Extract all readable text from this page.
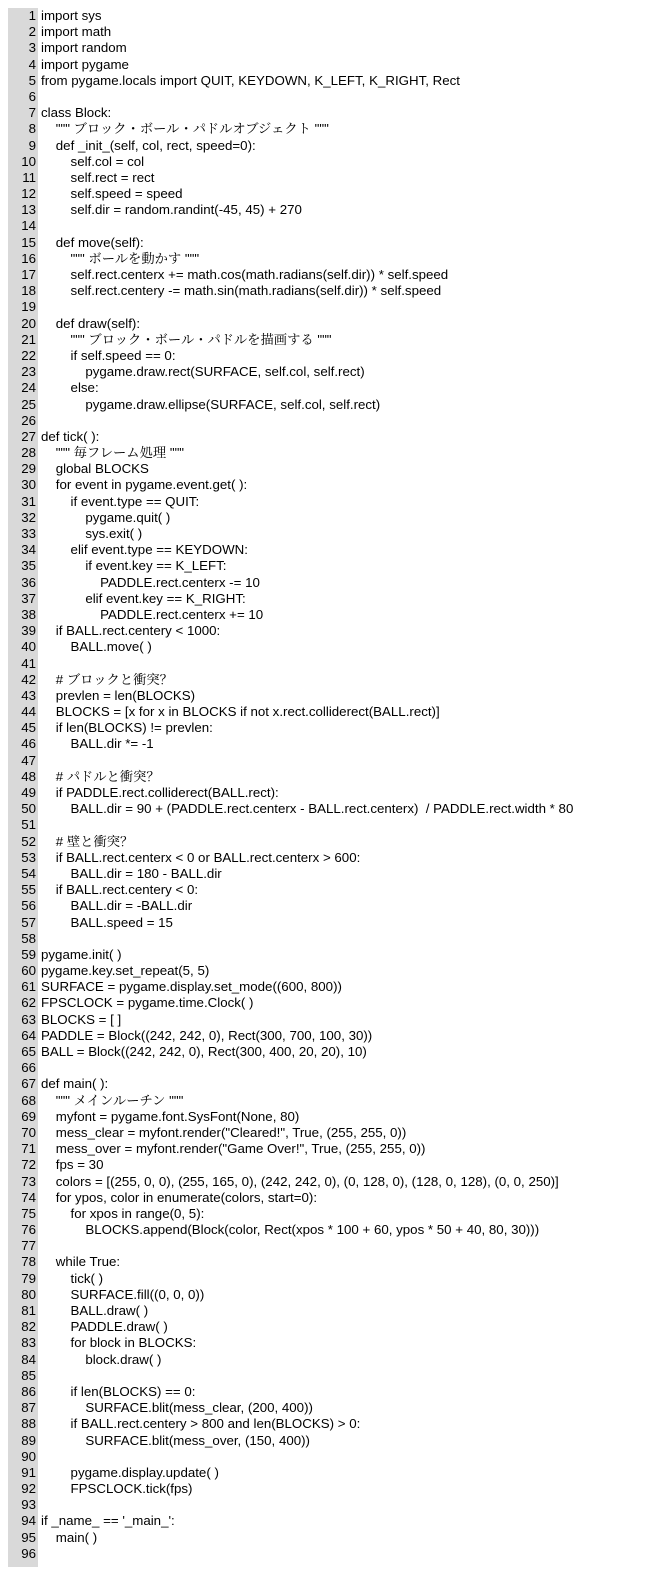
1 import sys
2 import math
3 import random
4 import pygame
5 from pygame.locals import QUIT, KEYDOWN, K_LEFT, K_RIGHT, Rect
6
7 class Block:
8 """ ブロック・ボール・パドルオブジェクト """
9 def _init_(self, col, rect, speed=0):
10 self.col = col
11 self.rect = rect
12 self.speed = speed
13 self.dir = random.randint(-45, 45) + 270
14
15 def move(self):
16 """ ボールを動かす """
17 self.rect.centerx += math.cos(math.radians(self.dir)) * self.speed
18 self.rect.centery -= math.sin(math.radians(self.dir)) * self.speed
19
20 def draw(self):
21 """ ブロック・ボール・パドルを描画する """
22 if self.speed == 0:
23 pygame.draw.rect(SURFACE, self.col, self.rect)
24 else:
25 pygame.draw.ellipse(SURFACE, self.col, self.rect)
26
27 def tick( ):
28 """ 毎フレーム処理 """
29 global BLOCKS
30 for event in pygame.event.get( ):
31 if event.type == QUIT:
32 pygame.quit( )
33 sys.exit( )
34 elif event.type == KEYDOWN:
35 if event.key == K_LEFT:
36 PADDLE.rect.centerx -= 10
37 elif event.key == K_RIGHT:
38 PADDLE.rect.centerx += 10
39 if BALL.rect.centery < 1000:
40 BALL.move( )
41
42 # ブロックと衝突？
43 prevlen = len(BLOCKS)
44 BLOCKS = [x for x in BLOCKS if not x.rect.colliderect(BALL.rect)]
45 if len(BLOCKS) != prevlen:
46 BALL.dir *= -1
47
48 # パドルと衝突？
49 if PADDLE.rect.colliderect(BALL.rect):
50 BALL.dir = 90 + (PADDLE.rect.centerx - BALL.rect.centerx)  / PADDLE.rect.width * 80
51
52 # 壁と衝突？
53 if BALL.rect.centerx < 0 or BALL.rect.centerx > 600:
54 BALL.dir = 180 - BALL.dir
55 if BALL.rect.centery < 0:
56 BALL.dir = -BALL.dir
57 BALL.speed = 15
58
59 pygame.init( )
60 pygame.key.set_repeat(5, 5)
61 SURFACE = pygame.display.set_mode((600, 800))
62 FPSCLOCK = pygame.time.Clock( )
63 BLOCKS = [ ]
64 PADDLE = Block((242, 242, 0), Rect(300, 700, 100, 30))
65 BALL = Block((242, 242, 0), Rect(300, 400, 20, 20), 10)
66
67 def main( ):
68 """ メインルーチン """
69 myfont = pygame.font.SysFont(None, 80)
70 mess_clear = myfont.render("Cleared!", True, (255, 255, 0))
71 mess_over = myfont.render("Game Over!", True, (255, 255, 0))
72 fps = 30
73 colors = [(255, 0, 0), (255, 165, 0), (242, 242, 0), (0, 128, 0), (128, 0, 128), (0, 0, 250)]
74 for ypos, color in enumerate(colors, start=0):
75 for xpos in range(0, 5):
76 BLOCKS.append(Block(color, Rect(xpos * 100 + 60, ypos * 50 + 40, 80, 30)))
77
78 while True:
79 tick( )
80 SURFACE.fill((0, 0, 0))
81 BALL.draw( )
82 PADDLE.draw( )
83 for block in BLOCKS:
84 block.draw( )
85
86 if len(BLOCKS) == 0:
87 SURFACE.blit(mess_clear, (200, 400))
88 if BALL.rect.centery > 800 and len(BLOCKS) > 0:
89 SURFACE.blit(mess_over, (150, 400))
90
91 pygame.display.update( )
92 FPSCLOCK.tick(fps)
93
94 if _name_ == '_main_':
95 main( )
96
